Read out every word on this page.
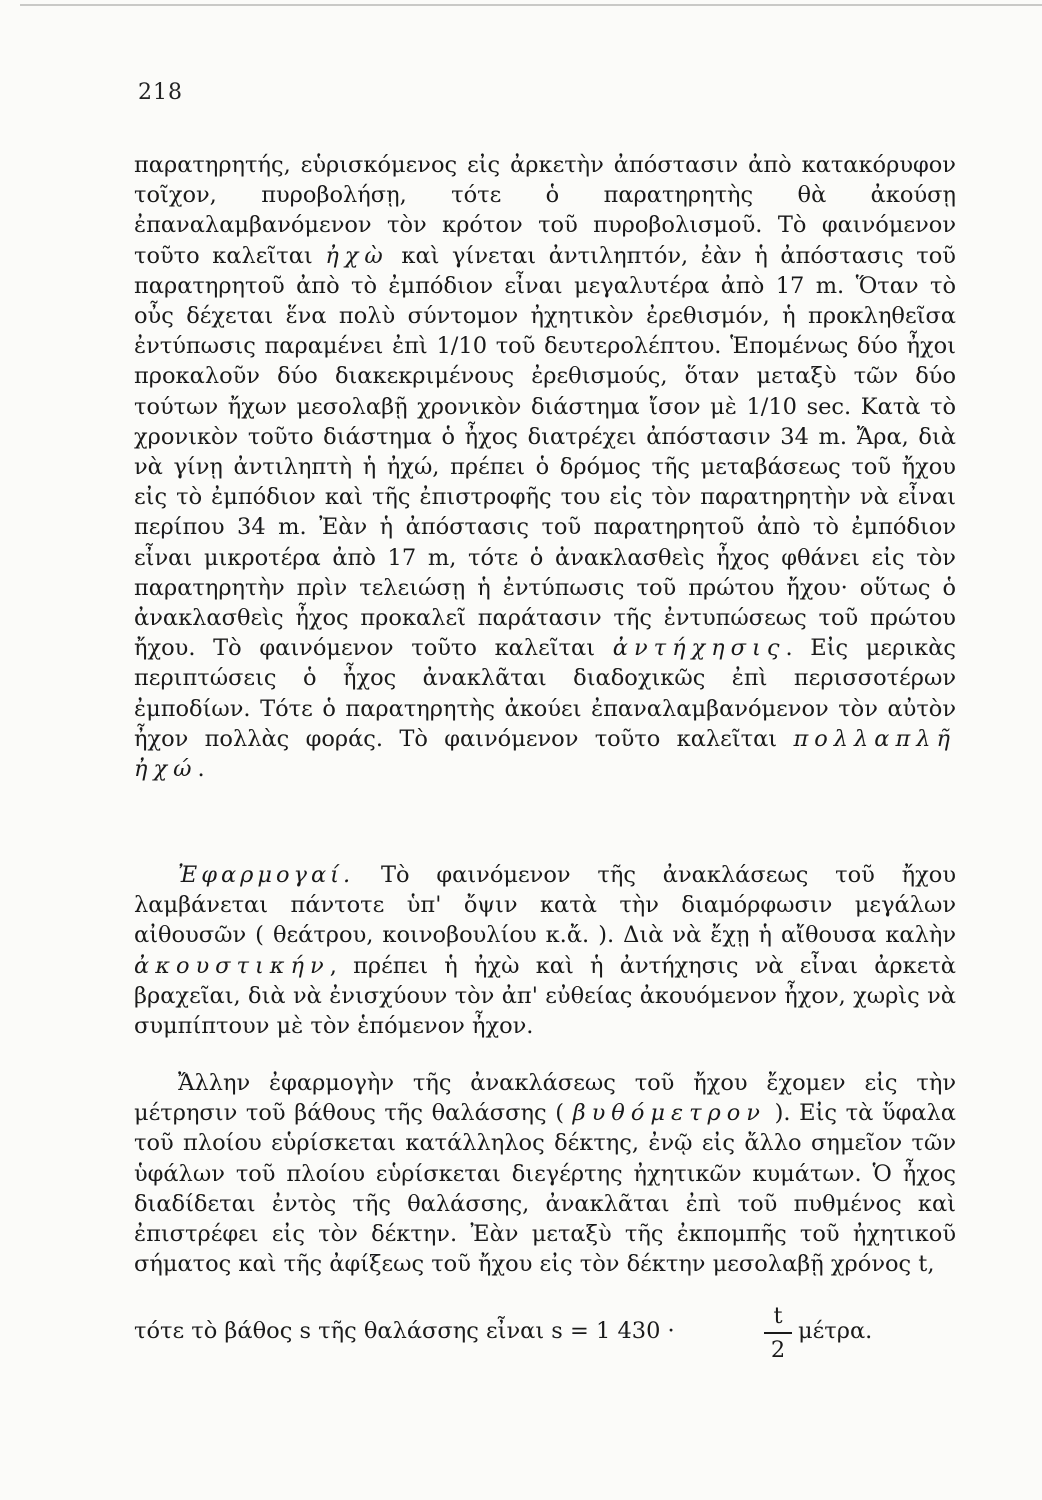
218
παρατηρητής, εὑρισκόμενος εἰς ἀρκετὴν ἀπόστασιν ἀπὸ κατακόρυφον τοῖχον, πυροβολήσῃ, τότε ὁ παρατηρητὴς θὰ ἀκούσῃ ἐπαναλαμβανόμενον τὸν κρότον τοῦ πυροβολισμοῦ. Τὸ φαινόμενον τοῦτο καλεῖται ἠχὼ καὶ γίνεται ἀντιληπτόν, ἐὰν ἡ ἀπόστασις τοῦ παρατηρητοῦ ἀπὸ τὸ ἐμπόδιον εἶναι μεγαλυτέρα ἀπὸ 17 m. Ὅταν τὸ οὖς δέχεται ἕνα πολὺ σύντομον ἠχητικὸν ἐρεθισμόν, ἡ προκληθεῖσα ἐντύπωσις παραμένει ἐπὶ 1/10 τοῦ δευτερολέπτου. Ἑπομένως δύο ἦχοι προκαλοῦν δύο διακεκριμένους ἐρεθισμούς, ὅταν μεταξὺ τῶν δύο τούτων ἤχων μεσολαβῇ χρονικὸν διάστημα ἴσον μὲ 1/10 sec. Κατὰ τὸ χρονικὸν τοῦτο διάστημα ὁ ἦχος διατρέχει ἀπόστασιν 34 m. Ἄρα, διὰ νὰ γίνῃ ἀντιληπτὴ ἡ ἠχώ, πρέπει ὁ δρόμος τῆς μεταβάσεως τοῦ ἤχου εἰς τὸ ἐμπόδιον καὶ τῆς ἐπιστροφῆς του εἰς τὸν παρατηρητὴν νὰ εἶναι περίπου 34 m. Ἐὰν ἡ ἀπόστασις τοῦ παρατηρητοῦ ἀπὸ τὸ ἐμπόδιον εἶναι μικροτέρα ἀπὸ 17 m, τότε ὁ ἀνακλασθεὶς ἦχος φθάνει εἰς τὸν παρατηρητὴν πρὶν τελειώσῃ ἡ ἐντύπωσις τοῦ πρώτου ἤχου· οὕτως ὁ ἀνακλασθεὶς ἦχος προκαλεῖ παράτασιν τῆς ἐντυπώσεως τοῦ πρώτου ἤχου. Τὸ φαινόμενον τοῦτο καλεῖται ἀντήχησις. Εἰς μερικὰς περιπτώσεις ὁ ἦχος ἀνακλᾶται διαδοχικῶς ἐπὶ περισσοτέρων ἐμποδίων. Τότε ὁ παρατηρητὴς ἀκούει ἐπαναλαμβανόμενον τὸν αὐτὸν ἦχον πολλὰς φοράς. Τὸ φαινόμενον τοῦτο καλεῖται πολλαπλῆ ἠχώ.
Ἐφαρμογαί. Τὸ φαινόμενον τῆς ἀνακλάσεως τοῦ ἤχου λαμβάνεται πάντοτε ὑπ' ὄψιν κατὰ τὴν διαμόρφωσιν μεγάλων αἰθουσῶν ( θεάτρου, κοινοβουλίου κ.ἄ. ). Διὰ νὰ ἔχῃ ἡ αἴθουσα καλὴν ἀκουστικήν, πρέπει ἡ ἠχὼ καὶ ἡ ἀντήχησις νὰ εἶναι ἀρκετὰ βραχεῖαι, διὰ νὰ ἐνισχύουν τὸν ἀπ' εὐθείας ἀκουόμενον ἦχον, χωρὶς νὰ συμπίπτουν μὲ τὸν ἑπόμενον ἦχον.
Ἄλλην ἐφαρμογὴν τῆς ἀνακλάσεως τοῦ ἤχου ἔχομεν εἰς τὴν μέτρησιν τοῦ βάθους τῆς θαλάσσης ( βυθόμετρον ). Εἰς τὰ ὕφαλα τοῦ πλοίου εὑρίσκεται κατάλληλος δέκτης, ἐνῷ εἰς ἄλλο σημεῖον τῶν ὑφάλων τοῦ πλοίου εὑρίσκεται διεγέρτης ἠχητικῶν κυμάτων. Ὁ ἦχος διαδίδεται ἐντὸς τῆς θαλάσσης, ἀνακλᾶται ἐπὶ τοῦ πυθμένος καὶ ἐπιστρέφει εἰς τὸν δέκτην. Ἐὰν μεταξὺ τῆς ἐκπομπῆς τοῦ ἠχητικοῦ σήματος καὶ τῆς ἀφίξεως τοῦ ἤχου εἰς τὸν δέκτην μεσολαβῇ χρόνος t,
τότε τὸ βάθος s τῆς θαλάσσης εἶναι s = 1 430 ·
t
2
μέτρα.
